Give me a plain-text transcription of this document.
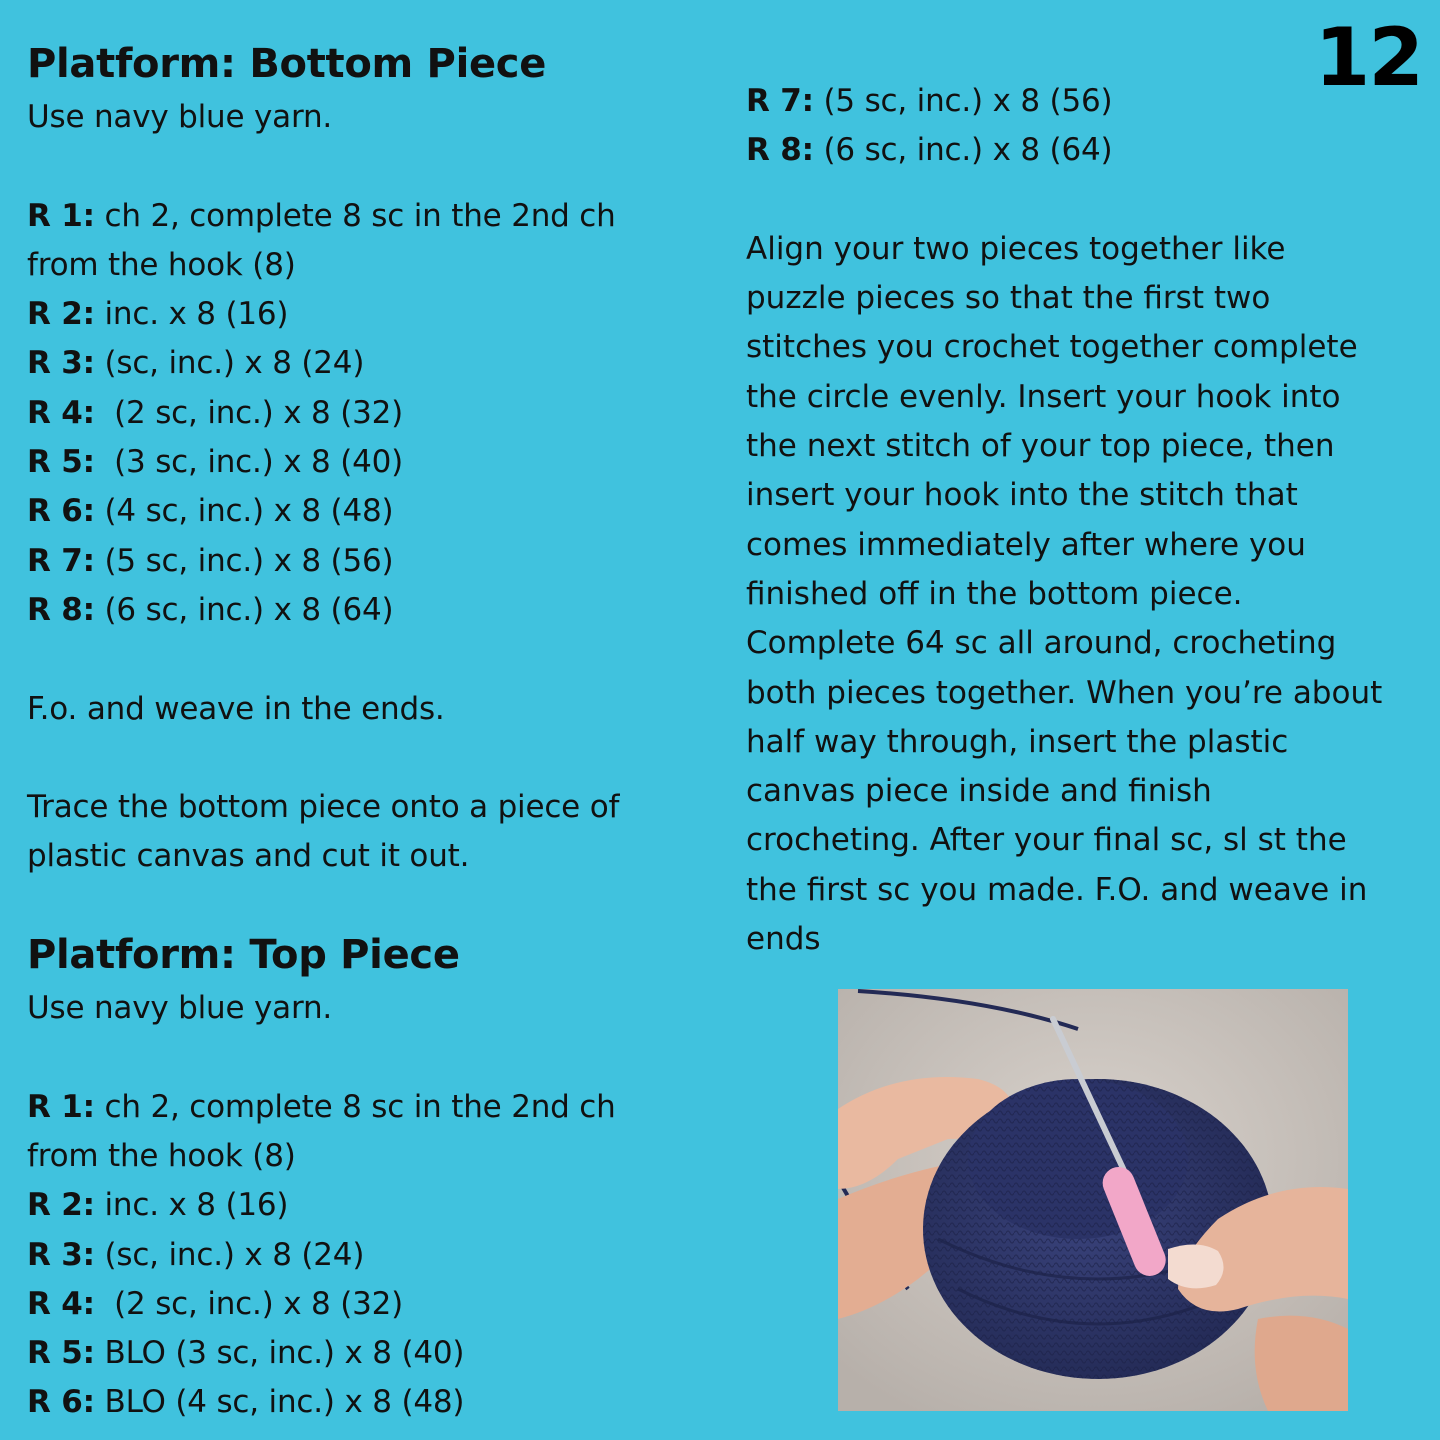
12
Platform: Bottom Piece

Use navy blue yarn.

R 1: ch 2, complete 8 sc in the 2nd ch
from the hook (8)
R 2: inc. x 8 (16)
R 3: (sc, inc.) x 8 (24)
R 4:  (2 sc, inc.) x 8 (32)
R 5:  (3 sc, inc.) x 8 (40)
R 6: (4 sc, inc.) x 8 (48)
R 7: (5 sc, inc.) x 8 (56)
R 8: (6 sc, inc.) x 8 (64)

F.o. and weave in the ends.

Trace the bottom piece onto a piece of

plastic canvas and cut it out.

Platform: Top Piece

Use navy blue yarn.

R 1: ch 2, complete 8 sc in the 2nd ch
from the hook (8)
R 2: inc. x 8 (16)
R 3: (sc, inc.) x 8 (24)
R 4:  (2 sc, inc.) x 8 (32)
R 5: BLO (3 sc, inc.) x 8 (40)
R 6: BLO (4 sc, inc.) x 8 (48)
R 7: (5 sc, inc.) x 8 (56)
R 8: (6 sc, inc.) x 8 (64)
Align your two pieces together like
puzzle pieces so that the first two
stitches you crochet together complete
the circle evenly. Insert your hook into
the next stitch of your top piece, then
insert your hook into the stitch that
comes immediately after where you
finished off in the bottom piece.
Complete 64 sc all around, crocheting
both pieces together. When you’re about
half way through, insert the plastic
canvas piece inside and finish
crocheting. After your final sc, sl st the
the first sc you made. F.O. and weave in
ends
